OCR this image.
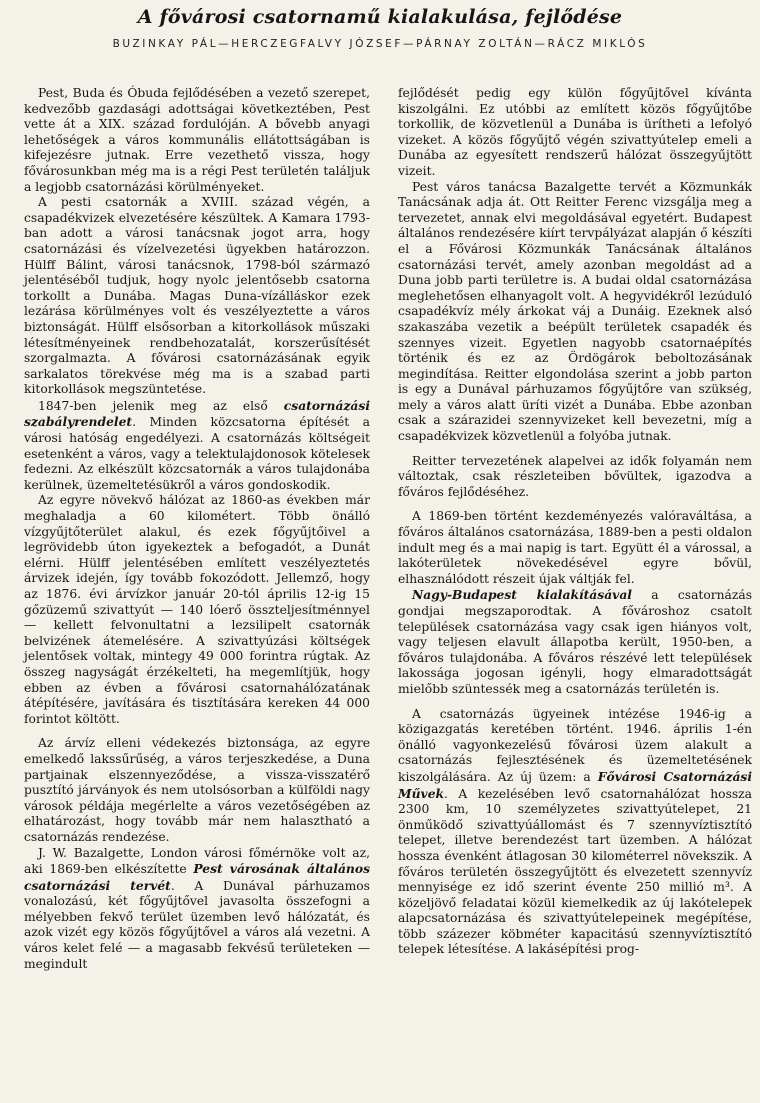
A fővárosi csatornamű kialakulása, fejlődése
BUZINKAY PÁL—HERCZEGFALVY JÓZSEF—PÁRNAY ZOLTÁN—RÁCZ MIKLÓS

Pest, Buda és Óbuda fejlődésében a vezető szerepet, kedvezőbb gazdasági adottságai következtében, Pest vette át a XIX. század fordulóján. A bővebb anyagi lehetőségek a város kommunális ellátottságában is kifejezésre jutnak. Erre vezethető vissza, hogy fővárosunkban még ma is a régi Pest területén találjuk a legjobb csatornázási körülményeket.

A pesti csatornák a XVIII. század végén, a csapadékvizek elvezetésére készültek. A Kamara 1793-ban adott a városi tanácsnak jogot arra, hogy csatornázási és vízelvezetési ügyekben határozzon. Hülff Bálint, városi tanácsnok, 1798-ból származó jelentéséből tudjuk, hogy nyolc jelentősebb csatorna torkollt a Dunába. Magas Duna-vízálláskor ezek lezárása körülményes volt és veszélyeztette a város biztonságát. Hülff elsősorban a kitorkollások műszaki létesítményeinek rendbehozatalát, korszerűsítését szorgalmazta. A fővárosi csatornázásának egyik sarkalatos törekvése még ma is a szabad parti kitorkollások megszüntetése.

1847-ben jelenik meg az első csatornázási szabályrendelet. Minden közcsatorna építését a városi hatóság engedélyezi. A csatornázás költségeit esetenként a város, vagy a telektulajdonosok kötelesek fedezni. Az elkészült közcsatornák a város tulajdonába kerülnek, üzemeltetésükről a város gondoskodik.

Az egyre növekvő hálózat az 1860-as években már meghaladja a 60 kilométert. Több önálló vízgyűjtőterület alakul, és ezek főgyűjtőivel a legrövidebb úton igyekeztek a befogadót, a Dunát elérni. Hülff jelentésében említett veszélyeztetés árvizek idején, így tovább fokozódott. Jellemző, hogy az 1876. évi árvízkor január 20-tól április 12-ig 15 gőzüzemű szivattyút — 140 lóerő összteljesítménnyel — kellett felvonultatni a lezsilipelt csatornák belvizének átemelésére. A szivattyúzási költségek jelentősek voltak, mintegy 49 000 forintra rúgtak. Az összeg nagyságát érzékelteti, ha megemlítjük, hogy ebben az évben a fővárosi csatornahálózatának átépítésére, javítására és tisztítására kereken 44 000 forintot költött.

Az árvíz elleni védekezés biztonsága, az egyre emelkedő lakssűrűség, a város terjeszkedése, a Duna partjainak elszennyeződése, a vissza-visszatérő pusztító járványok és nem utolsósorban a külföldi nagy városok példája megérlelte a város vezetőségében az elhatározást, hogy tovább már nem halasztható a csatornázás rendezése.

J. W. Bazalgette, London városi főmérnöke volt az, aki 1869-ben elkészítette Pest városának általános csatornázási tervét. A Dunával párhuzamos vonalozású, két főgyűjtővel javasolta összefogni a mélyebben fekvő terület üzemben levő hálózatát, és azok vizét egy közös főgyűjtővel a város alá vezetni. A város kelet felé — a magasabb fekvésű területeken — megindult

fejlődését pedig egy külön főgyűjtővel kívánta kiszolgálni. Ez utóbbi az említett közös főgyűjtőbe torkollik, de közvetlenül a Dunába is ürítheti a lefolyó vizeket. A közös főgyűjtő végén szivattyútelep emeli a Dunába az egyesített rendszerű hálózat összegyűjtött vizeit.

Pest város tanácsa Bazalgette tervét a Közmunkák Tanácsának adja át. Ott Reitter Ferenc vizsgálja meg a tervezetet, annak elvi megoldásával egyetért. Budapest általános rendezésére kiírt tervpályázat alapján ő készíti el a Fővárosi Közmunkák Tanácsának általános csatornázási tervét, amely azonban megoldást ad a Duna jobb parti területre is. A budai oldal csatornázása meglehetősen elhanyagolt volt. A hegyvidékről lezúduló csapadékvíz mély árkokat váj a Dunáig. Ezeknek alsó szakaszába vezetik a beépült területek csapadék és szennyes vizeit. Egyetlen nagyobb csatornaépítés történik és ez az Ördögárok beboltozásának megindítása. Reitter elgondolása szerint a jobb parton is egy a Dunával párhuzamos főgyűjtőre van szükség, mely a város alatt üríti vizét a Dunába. Ebbe azonban csak a szárazidei szennyvizeket kell bevezetni, míg a csapadékvizek közvetlenül a folyóba jutnak.

Reitter tervezetének alapelvei az idők folyamán nem változtak, csak részleteiben bővültek, igazodva a főváros fejlődéséhez.

A 1869-ben történt kezdeményezés valóraváltása, a főváros általános csatornázása, 1889-ben a pesti oldalon indult meg és a mai napig is tart. Együtt él a várossal, a lakóterületek növekedésével egyre bővül, elhasználódott részeit újak váltják fel.

Nagy-Budapest kialakításával a csatornázás gondjai megszaporodtak. A fővároshoz csatolt települések csatornázása vagy csak igen hiányos volt, vagy teljesen elavult állapotba került, 1950-ben, a főváros tulajdonába. A főváros részévé lett települések lakossága jogosan igényli, hogy elmaradottságát mielőbb szüntessék meg a csatornázás területén is.

A csatornázás ügyeinek intézése 1946-ig a közigazgatás keretében történt. 1946. április 1-én önálló vagyonkezelésű fővárosi üzem alakult a csatornázás fejlesztésének és üzemeltetésének kiszolgálására. Az új üzem: a Fővárosi Csatornázási Művek. A kezelésében levő csatornahálózat hossza 2300 km, 10 személyzetes szivattyútelepet, 21 önműködő szivattyúállomást és 7 szennyvíztisztító telepet, illetve berendezést tart üzemben. A hálózat hossza évenként átlagosan 30 kilométerrel növekszik. A főváros területén összegyűjtött és elvezetett szennyvíz mennyisége ez idő szerint évente 250 millió m³. A közeljövő feladatai közül kiemelkedik az új lakótelepek alapcsatornázása és szivattyútelepeinek megépítése, több százezer köbméter kapacitású szennyvíztisztító telepek létesítése. A lakásépítési prog-
